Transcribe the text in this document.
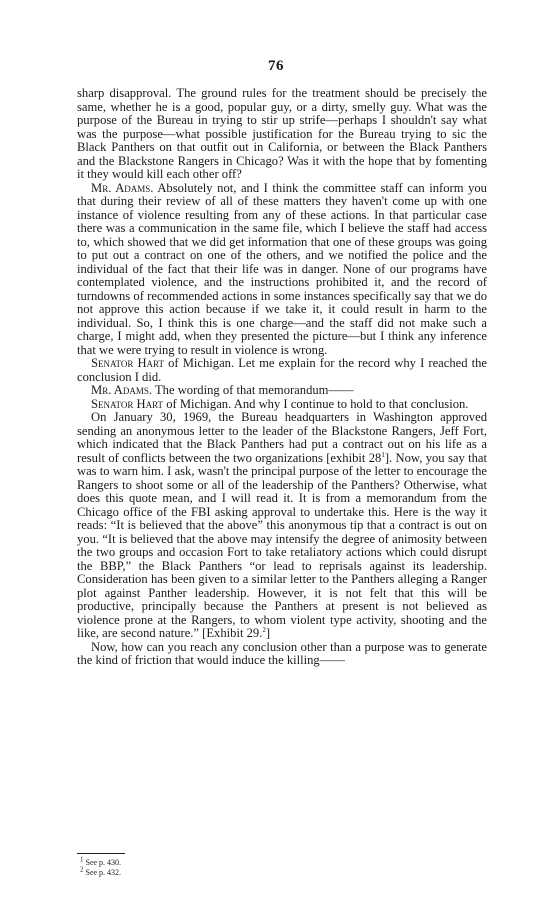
76

sharp disapproval. The ground rules for the treatment should be precisely the same, whether he is a good, popular guy, or a dirty, smelly guy. What was the purpose of the Bureau in trying to stir up strife—perhaps I shouldn't say what was the purpose—what possible justification for the Bureau trying to sic the Black Panthers on that outfit out in California, or between the Black Panthers and the Blackstone Rangers in Chicago? Was it with the hope that by fomenting it they would kill each other off?

Mr. Adams. Absolutely not, and I think the committee staff can inform you that during their review of all of these matters they haven't come up with one instance of violence resulting from any of these actions. In that particular case there was a communication in the same file, which I believe the staff had access to, which showed that we did get information that one of these groups was going to put out a contract on one of the others, and we notified the police and the individual of the fact that their life was in danger. None of our programs have contemplated violence, and the instructions prohibited it, and the record of turndowns of recommended actions in some instances specifically say that we do not approve this action because if we take it, it could result in harm to the individual. So, I think this is one charge—and the staff did not make such a charge, I might add, when they presented the picture—but I think any inference that we were trying to result in violence is wrong.

Senator Hart of Michigan. Let me explain for the record why I reached the conclusion I did.

Mr. Adams. The wording of that memorandum——

Senator Hart of Michigan. And why I continue to hold to that conclusion.

On January 30, 1969, the Bureau headquarters in Washington approved sending an anonymous letter to the leader of the Blackstone Rangers, Jeff Fort, which indicated that the Black Panthers had put a contract out on his life as a result of conflicts between the two organizations [exhibit $28^1$]. Now, you say that was to warn him. I ask, wasn't the principal purpose of the letter to encourage the Rangers to shoot some or all of the leadership of the Panthers? Otherwise, what does this quote mean, and I will read it. It is from a memorandum from the Chicago office of the FBI asking approval to undertake this. Here is the way it reads: “It is believed that the above” this anonymous tip that a contract is out on you. “It is believed that the above may intensify the degree of animosity between the two groups and occasion Fort to take retaliatory actions which could disrupt the BBP,” the Black Panthers “or lead to reprisals against its leadership. Consideration has been given to a similar letter to the Panthers alleging a Ranger plot against Panther leadership. However, it is not felt that this will be productive, principally because the Panthers at present is not believed as violence prone at the Rangers, to whom violent type activity, shooting and the like, are second nature.” [Exhibit 29.$^2$]

Now, how can you reach any conclusion other than a purpose was to generate the kind of friction that would induce the killing——

$^1$ See p. 430.
$^2$ See p. 432.
